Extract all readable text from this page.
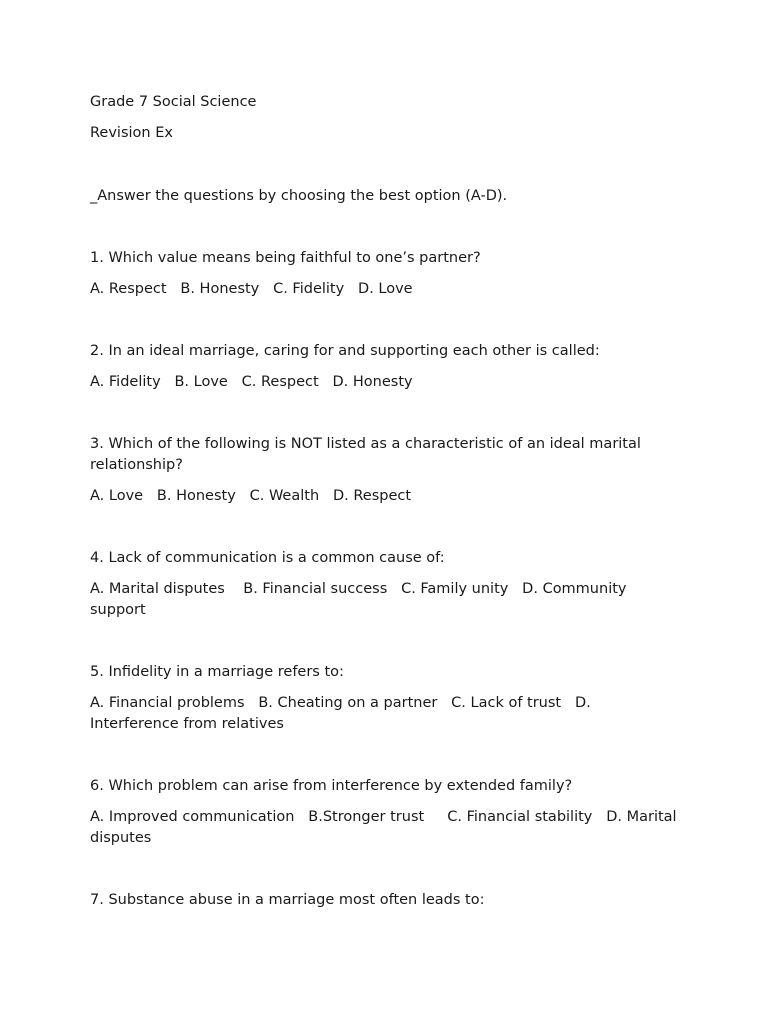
Grade 7 Social Science

Revision Ex

_Answer the questions by choosing the best option (A-D).

1. Which value means being faithful to one’s partner?

A. Respect   B. Honesty   C. Fidelity   D. Love

2. In an ideal marriage, caring for and supporting each other is called:

A. Fidelity   B. Love   C. Respect   D. Honesty

3. Which of the following is NOT listed as a characteristic of an ideal marital relationship?

A. Love   B. Honesty   C. Wealth   D. Respect

4. Lack of communication is a common cause of:

A. Marital disputes    B. Financial success   C. Family unity   D. Community support

5. Infidelity in a marriage refers to:

A. Financial problems   B. Cheating on a partner   C. Lack of trust   D. Interference from relatives

6. Which problem can arise from interference by extended family?

A. Improved communication   B.Stronger trust     C. Financial stability   D. Marital disputes

7. Substance abuse in a marriage most often leads to:
